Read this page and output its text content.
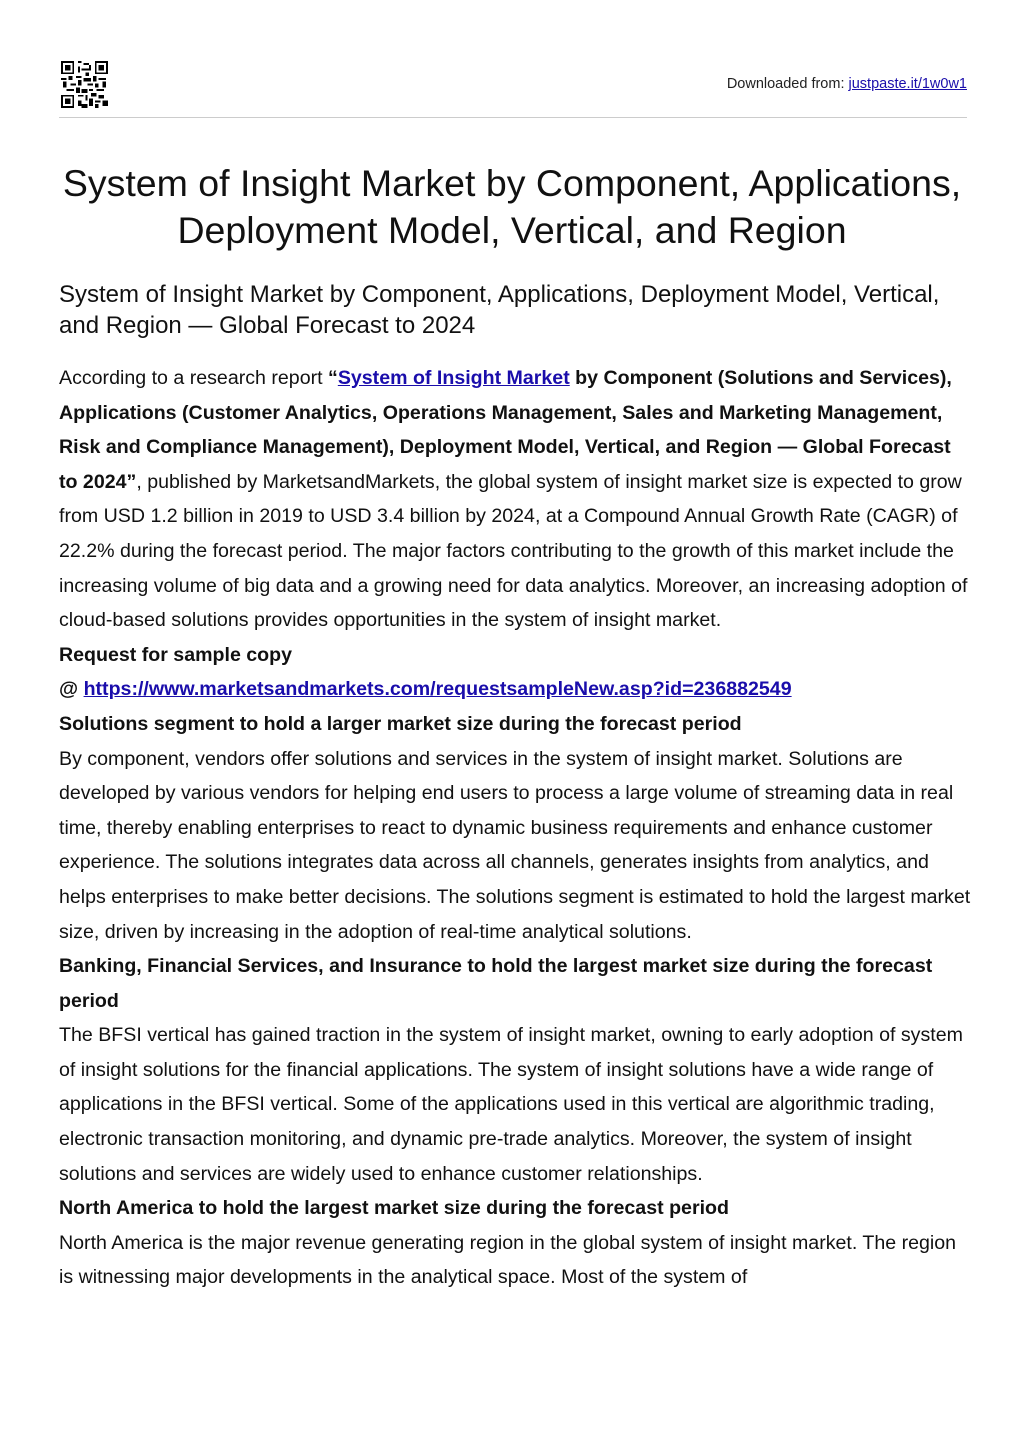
Downloaded from: justpaste.it/1w0w1
System of Insight Market by Component, Applications, Deployment Model, Vertical, and Region
System of Insight Market by Component, Applications, Deployment Model, Vertical, and Region — Global Forecast to 2024

According to a research report “System of Insight Market by Component (Solutions and Services), Applications (Customer Analytics, Operations Management, Sales and Marketing Management, Risk and Compliance Management), Deployment Model, Vertical, and Region — Global Forecast to 2024”, published by MarketsandMarkets, the global system of insight market size is expected to grow from USD 1.2 billion in 2019 to USD 3.4 billion by 2024, at a Compound Annual Growth Rate (CAGR) of 22.2% during the forecast period. The major factors contributing to the growth of this market include the increasing volume of big data and a growing need for data analytics. Moreover, an increasing adoption of cloud-based solutions provides opportunities in the system of insight market.

Request for sample copy

@ https://www.marketsandmarkets.com/requestsampleNew.asp?id=236882549

Solutions segment to hold a larger market size during the forecast period

By component, vendors offer solutions and services in the system of insight market. Solutions are developed by various vendors for helping end users to process a large volume of streaming data in real time, thereby enabling enterprises to react to dynamic business requirements and enhance customer experience. The solutions integrates data across all channels, generates insights from analytics, and helps enterprises to make better decisions. The solutions segment is estimated to hold the largest market size, driven by increasing in the adoption of real-time analytical solutions.

Banking, Financial Services, and Insurance to hold the largest market size during the forecast period

The BFSI vertical has gained traction in the system of insight market, owning to early adoption of system of insight solutions for the financial applications. The system of insight solutions have a wide range of applications in the BFSI vertical. Some of the applications used in this vertical are algorithmic trading, electronic transaction monitoring, and dynamic pre-trade analytics. Moreover, the system of insight solutions and services are widely used to enhance customer relationships.

North America to hold the largest market size during the forecast period

North America is the major revenue generating region in the global system of insight market. The region is witnessing major developments in the analytical space. Most of the system of
